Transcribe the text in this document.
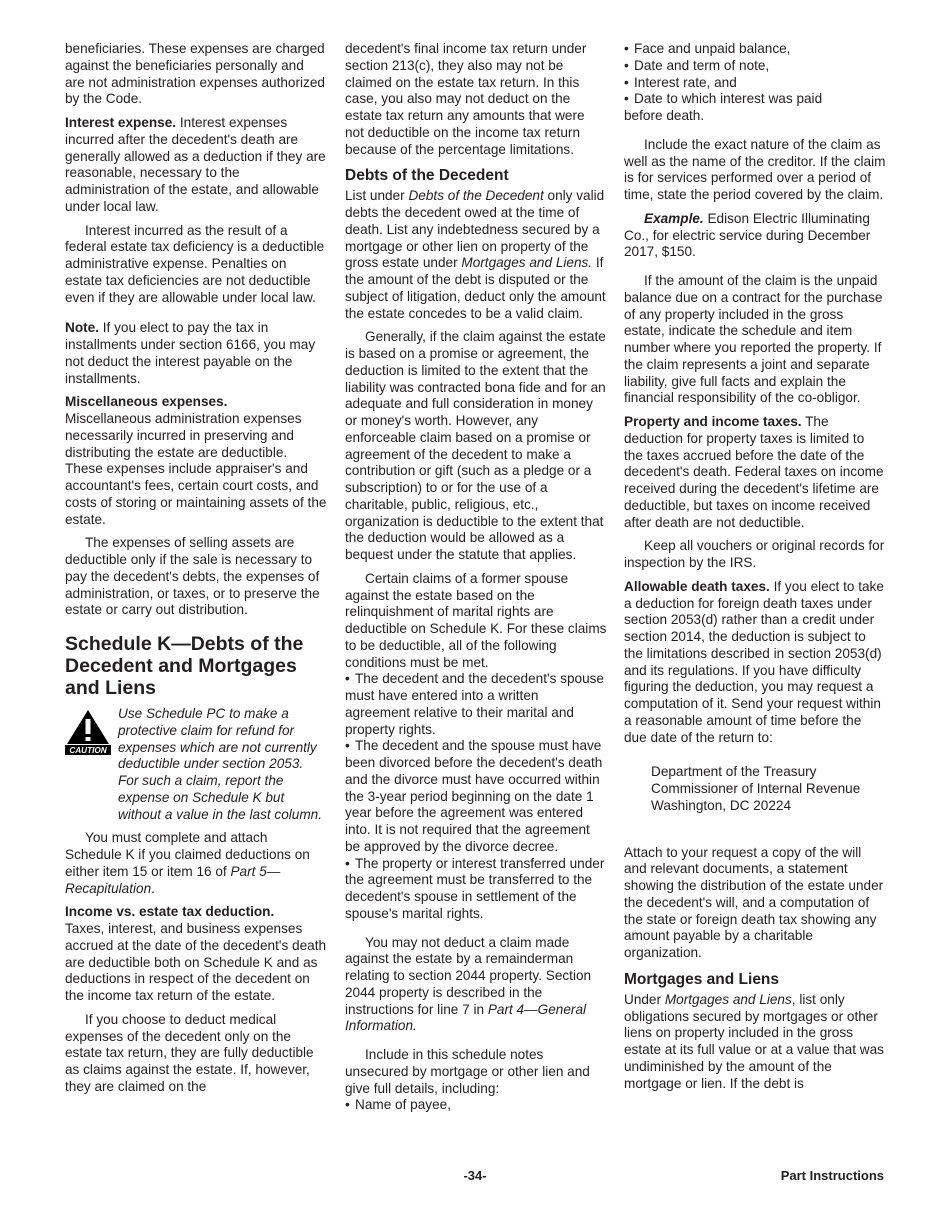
beneficiaries. These expenses are charged against the beneficiaries personally and are not administration expenses authorized by the Code.

Interest expense. Interest expenses incurred after the decedent's death are generally allowed as a deduction if they are reasonable, necessary to the administration of the estate, and allowable under local law.

Interest incurred as the result of a federal estate tax deficiency is a deductible administrative expense. Penalties on estate tax deficiencies are not deductible even if they are allowable under local law.

Note. If you elect to pay the tax in installments under section 6166, you may not deduct the interest payable on the installments.

Miscellaneous expenses.
Miscellaneous administration expenses necessarily incurred in preserving and distributing the estate are deductible. These expenses include appraiser's and accountant's fees, certain court costs, and costs of storing or maintaining assets of the estate.

The expenses of selling assets are deductible only if the sale is necessary to pay the decedent's debts, the expenses of administration, or taxes, or to preserve the estate or carry out distribution.

Schedule K—Debts of the Decedent and Mortgages and Liens
CAUTION
Use Schedule PC to make a protective claim for refund for expenses which are not currently deductible under section 2053. For such a claim, report the expense on Schedule K but without a value in the last column.

You must complete and attach Schedule K if you claimed deductions on either item 15 or item 16 of Part 5—Recapitulation.

Income vs. estate tax deduction.
Taxes, interest, and business expenses accrued at the date of the decedent's death are deductible both on Schedule K and as deductions in respect of the decedent on the income tax return of the estate.

If you choose to deduct medical expenses of the decedent only on the estate tax return, they are fully deductible as claims against the estate. If, however, they are claimed on the

decedent's final income tax return under section 213(c), they also may not be claimed on the estate tax return. In this case, you also may not deduct on the estate tax return any amounts that were not deductible on the income tax return because of the percentage limitations.

Debts of the Decedent

List under Debts of the Decedent only valid debts the decedent owed at the time of death. List any indebtedness secured by a mortgage or other lien on property of the gross estate under Mortgages and Liens. If the amount of the debt is disputed or the subject of litigation, deduct only the amount the estate concedes to be a valid claim.

Generally, if the claim against the estate is based on a promise or agreement, the deduction is limited to the extent that the liability was contracted bona fide and for an adequate and full consideration in money or money's worth. However, any enforceable claim based on a promise or agreement of the decedent to make a contribution or gift (such as a pledge or a subscription) to or for the use of a charitable, public, religious, etc., organization is deductible to the extent that the deduction would be allowed as a bequest under the statute that applies.

Certain claims of a former spouse against the estate based on the relinquishment of marital rights are deductible on Schedule K. For these claims to be deductible, all of the following conditions must be met.

• The decedent and the decedent's spouse must have entered into a written agreement relative to their marital and property rights.
• The decedent and the spouse must have been divorced before the decedent's death and the divorce must have occurred within the 3-year period beginning on the date 1 year before the agreement was entered into. It is not required that the agreement be approved by the divorce decree.
• The property or interest transferred under the agreement must be transferred to the decedent's spouse in settlement of the spouse's marital rights.

You may not deduct a claim made against the estate by a remainderman relating to section 2044 property. Section 2044 property is described in the instructions for line 7 in Part 4—General Information.

Include in this schedule notes unsecured by mortgage or other lien and give full details, including:

• Name of payee,
• Face and unpaid balance,
• Date and term of note,
• Interest rate, and
• Date to which interest was paid

before death.

Include the exact nature of the claim as well as the name of the creditor. If the claim is for services performed over a period of time, state the period covered by the claim.

Example. Edison Electric Illuminating Co., for electric service during December 2017, $150.

If the amount of the claim is the unpaid balance due on a contract for the purchase of any property included in the gross estate, indicate the schedule and item number where you reported the property. If the claim represents a joint and separate liability, give full facts and explain the financial responsibility of the co-obligor.

Property and income taxes. The deduction for property taxes is limited to the taxes accrued before the date of the decedent's death. Federal taxes on income received during the decedent's lifetime are deductible, but taxes on income received after death are not deductible.

Keep all vouchers or original records for inspection by the IRS.

Allowable death taxes. If you elect to take a deduction for foreign death taxes under section 2053(d) rather than a credit under section 2014, the deduction is subject to the limitations described in section 2053(d) and its regulations. If you have difficulty figuring the deduction, you may request a computation of it. Send your request within a reasonable amount of time before the due date of the return to:

Department of the Treasury
Commissioner of Internal Revenue
Washington, DC 20224

Attach to your request a copy of the will and relevant documents, a statement showing the distribution of the estate under the decedent's will, and a computation of the state or foreign death tax showing any amount payable by a charitable organization.

Mortgages and Liens

Under Mortgages and Liens, list only obligations secured by mortgages or other liens on property included in the gross estate at its full value or at a value that was undiminished by the amount of the mortgage or lien. If the debt is

-34-	Part Instructions
